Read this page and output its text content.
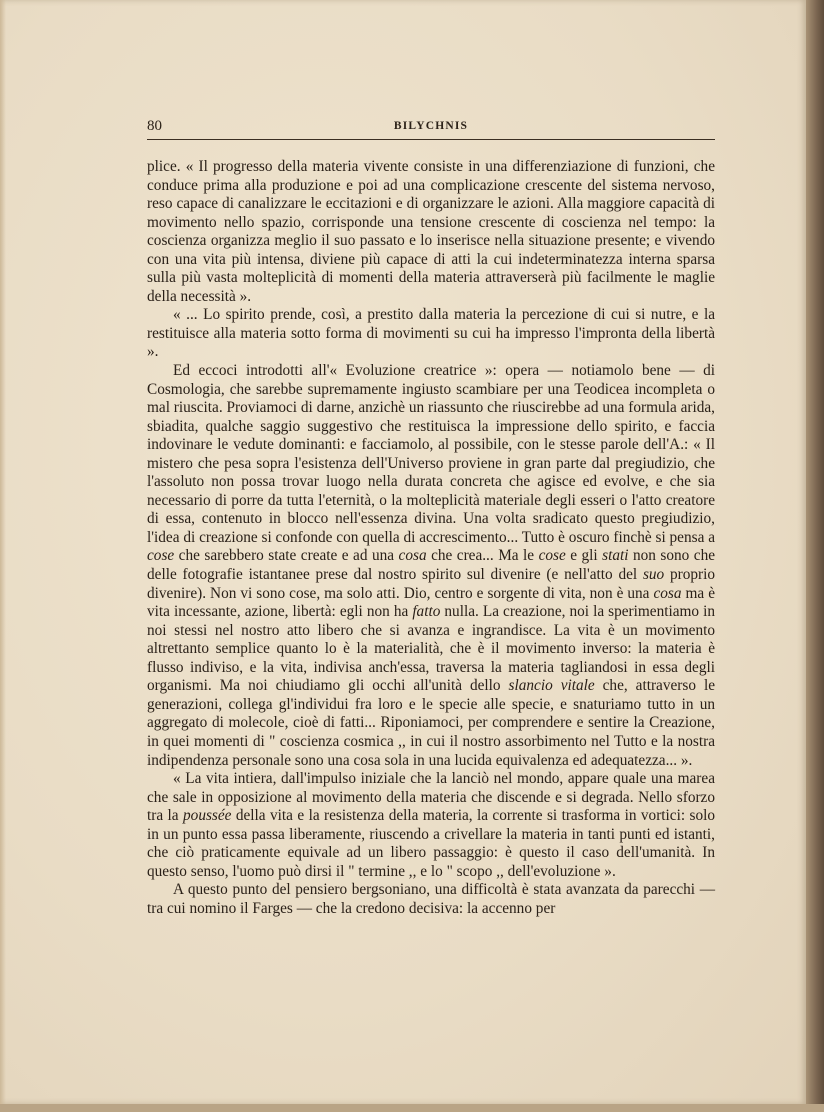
80	BILYCHNIS

plice. « Il progresso della materia vivente consiste in una differenziazione di funzioni, che conduce prima alla produzione e poi ad una complicazione crescente del sistema nervoso, reso capace di canalizzare le eccitazioni e di organizzare le azioni. Alla maggiore capacità di movimento nello spazio, corrisponde una tensione crescente di coscienza nel tempo: la coscienza organizza meglio il suo passato e lo inserisce nella situazione presente; e vivendo con una vita più intensa, diviene più capace di atti la cui indeterminatezza interna sparsa sulla più vasta molteplicità di momenti della materia attraverserà più facilmente le maglie della necessità ».

« ... Lo spirito prende, così, a prestito dalla materia la percezione di cui si nutre, e la restituisce alla materia sotto forma di movimenti su cui ha impresso l'impronta della libertà ».

Ed eccoci introdotti all'« Evoluzione creatrice »: opera — notiamolo bene — di Cosmologia, che sarebbe supremamente ingiusto scambiare per una Teodicea incompleta o mal riuscita. Proviamoci di darne, anzichè un riassunto che riuscirebbe ad una formula arida, sbiadita, qualche saggio suggestivo che restituisca la impressione dello spirito, e faccia indovinare le vedute dominanti: e facciamolo, al possibile, con le stesse parole dell'A.: « Il mistero che pesa sopra l'esistenza dell'Universo proviene in gran parte dal pregiudizio, che l'assoluto non possa trovar luogo nella durata concreta che agisce ed evolve, e che sia necessario di porre da tutta l'eternità, o la molteplicità materiale degli esseri o l'atto creatore di essa, contenuto in blocco nell'essenza divina. Una volta sradicato questo pregiudizio, l'idea di creazione si confonde con quella di accrescimento... Tutto è oscuro finchè si pensa a cose che sarebbero state create e ad una cosa che crea... Ma le cose e gli stati non sono che delle fotografie istantanee prese dal nostro spirito sul divenire (e nell'atto del suo proprio divenire). Non vi sono cose, ma solo atti. Dio, centro e sorgente di vita, non è una cosa ma è vita incessante, azione, libertà: egli non ha fatto nulla. La creazione, noi la sperimentiamo in noi stessi nel nostro atto libero che si avanza e ingrandisce. La vita è un movimento altrettanto semplice quanto lo è la materialità, che è il movimento inverso: la materia è flusso indiviso, e la vita, indivisa anch'essa, traversa la materia tagliandosi in essa degli organismi. Ma noi chiudiamo gli occhi all'unità dello slancio vitale che, attraverso le generazioni, collega gl'individui fra loro e le specie alle specie, e snaturiamo tutto in un aggregato di molecole, cioè di fatti... Riponiamoci, per comprendere e sentire la Creazione, in quei momenti di " coscienza cosmica ,, in cui il nostro assorbimento nel Tutto e la nostra indipendenza personale sono una cosa sola in una lucida equivalenza ed adequatezza... ».

« La vita intiera, dall'impulso iniziale che la lanciò nel mondo, appare quale una marea che sale in opposizione al movimento della materia che discende e si degrada. Nello sforzo tra la poussée della vita e la resistenza della materia, la corrente si trasforma in vortici: solo in un punto essa passa liberamente, riuscendo a crivellare la materia in tanti punti ed istanti, che ciò praticamente equivale ad un libero passaggio: è questo il caso dell'umanità. In questo senso, l'uomo può dirsi il " termine ,, e lo " scopo ,, dell'evoluzione ».

A questo punto del pensiero bergsoniano, una difficoltà è stata avanzata da parecchi — tra cui nomino il Farges — che la credono decisiva: la accenno per
